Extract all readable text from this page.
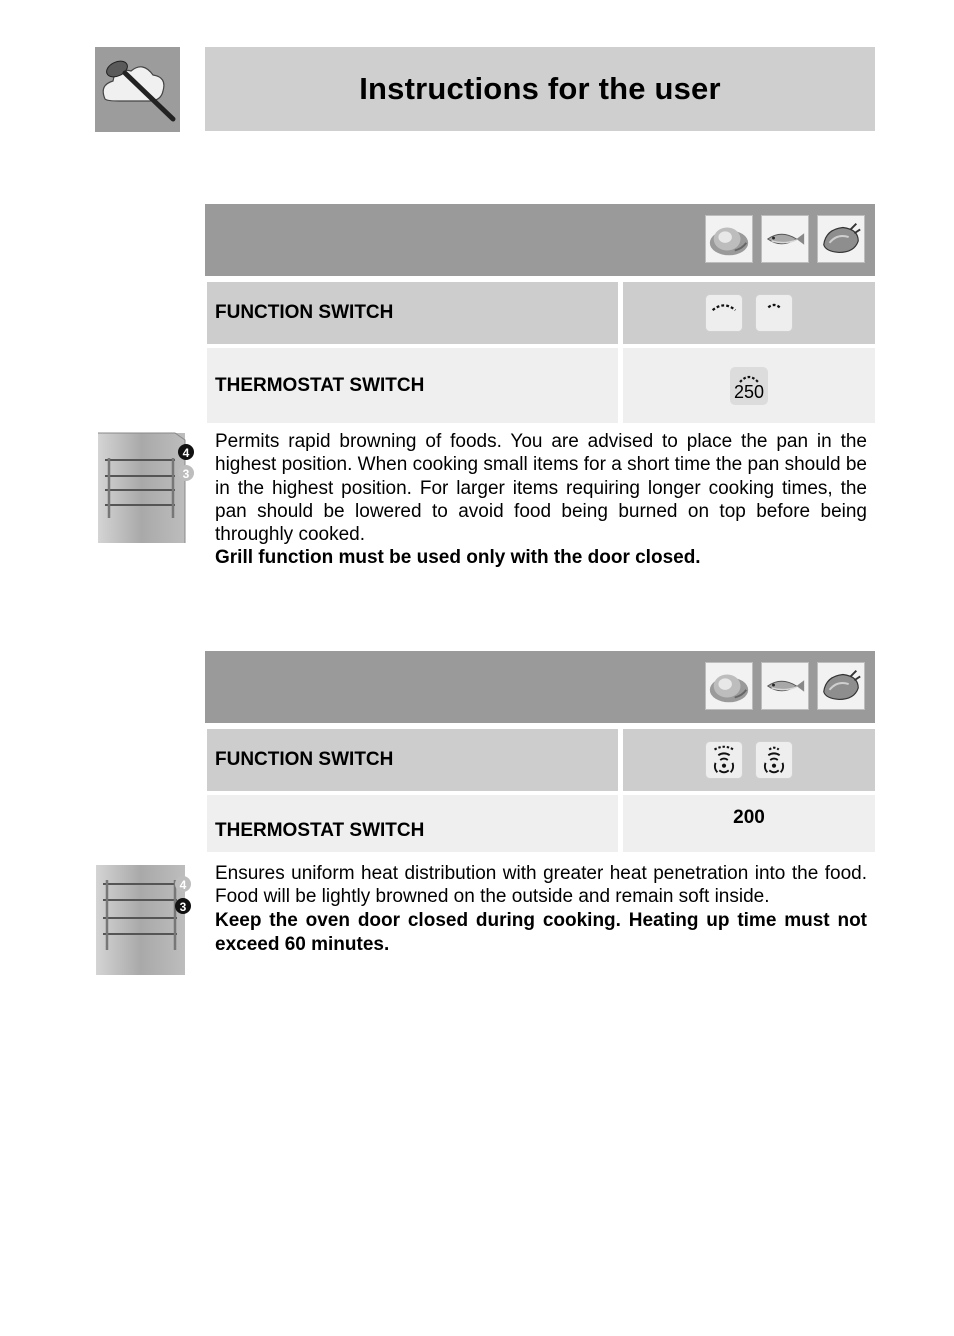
Instructions for the user
FUNCTION SWITCH
THERMOSTAT SWITCH	250
4
3

Permits rapid browning of foods. You are advised to place the pan in the highest position. When cooking small items for a short time the pan should be in the highest position. For larger items requiring longer cooking times, the pan should be lowered to avoid food being burned on top before being throughly cooked.

Grill function must be used only with the door closed.

FUNCTION SWITCH
THERMOSTAT SWITCH
200
4
3

Ensures uniform heat distribution with greater heat penetration into the food. Food will be lightly browned on the outside and remain soft inside.

Keep the oven door closed during cooking. Heating up time must not exceed 60 minutes.
